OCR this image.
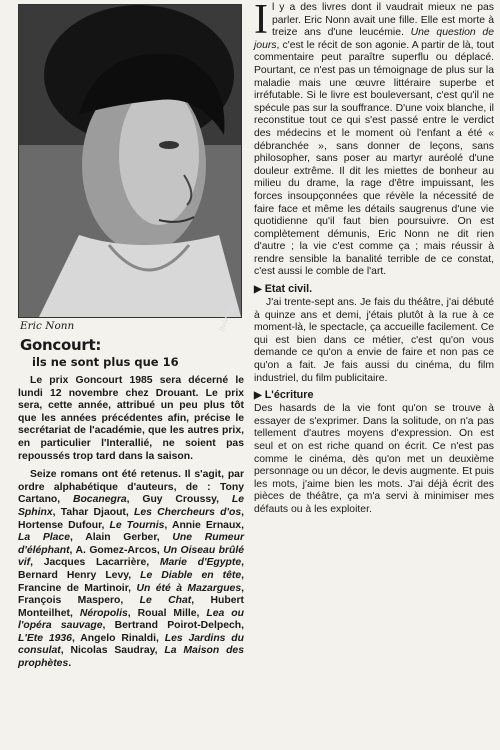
Beldsky
Eric Nonn
Goncourt:
ils ne sont plus que 16

Le prix Goncourt 1985 sera décerné le lundi 12 novembre chez Drouant. Le prix sera, cette année, attribué un peu plus tôt que les années précédentes afin, précise le secrétariat de l'académie, que les autres prix, en particulier l'Interallié, ne soient pas repoussés trop tard dans la saison.

Seize romans ont été retenus. Il s'agit, par ordre alphabétique d'auteurs, de : Tony Cartano, Bocanegra, Guy Croussy, Le Sphinx, Tahar Djaout, Les Chercheurs d'os, Hortense Dufour, Le Tournis, Annie Ernaux, La Place, Alain Gerber, Une Rumeur d'éléphant, A. Gomez-Arcos, Un Oiseau brûlé vif, Jacques Lacarrière, Marie d'Egypte, Bernard Henry Levy, Le Diable en tête, Francine de Martinoir, Un été à Mazargues, François Maspero, Le Chat, Hubert Monteilhet, Néropolis, Roual Mille, Lea ou l'opéra sauvage, Bertrand Poirot-Delpech, L'Ete 1936, Angelo Rinaldi, Les Jardins du consulat, Nicolas Saudray, La Maison des prophètes.

Il y a des livres dont il vaudrait mieux ne pas parler. Eric Nonn avait une fille. Elle est morte à treize ans d'une leucémie. Une question de jours, c'est le récit de son agonie. A partir de là, tout commentaire peut paraître superflu ou déplacé. Pourtant, ce n'est pas un témoignage de plus sur la maladie mais une œuvre littéraire superbe et irréfutable. Si le livre est bouleversant, c'est qu'il ne spécule pas sur la souffrance. D'une voix blanche, il reconstitue tout ce qui s'est passé entre le verdict des médecins et le moment où l'enfant a été « débranchée », sans donner de leçons, sans philosopher, sans poser au martyr auréolé d'une douleur extrême. Il dit les miettes de bonheur au milieu du drame, la rage d'être impuissant, les forces insoupçonnées que révèle la nécessité de faire face et même les détails saugrenus d'une vie quotidienne qu'il faut bien poursuivre. On est complètement démunis, Eric Nonn ne dit rien d'autre ; la vie c'est comme ça ; mais réussir à rendre sensible la banalité terrible de ce constat, c'est aussi le comble de l'art.

▶ Etat civil.

J'ai trente-sept ans. Je fais du théâtre, j'ai débuté à quinze ans et demi, j'étais plutôt à la rue à ce moment-là, le spectacle, ça accueille facilement. Ce qui est bien dans ce métier, c'est qu'on vous demande ce qu'on a envie de faire et non pas ce qu'on a fait. Je fais aussi du cinéma, du film industriel, du film publicitaire.

▶ L'écriture

Des hasards de la vie font qu'on se trouve à essayer de s'exprimer. Dans la solitude, on n'a pas tellement d'autres moyens d'expression. On est seul et on est riche quand on écrit. Ce n'est pas comme le cinéma, dès qu'on met un deuxième personnage ou un décor, le devis augmente. Et puis les mots, j'aime bien les mots. J'ai déjà écrit des pièces de théâtre, ça m'a servi à minimiser mes défauts ou à les exploiter.
